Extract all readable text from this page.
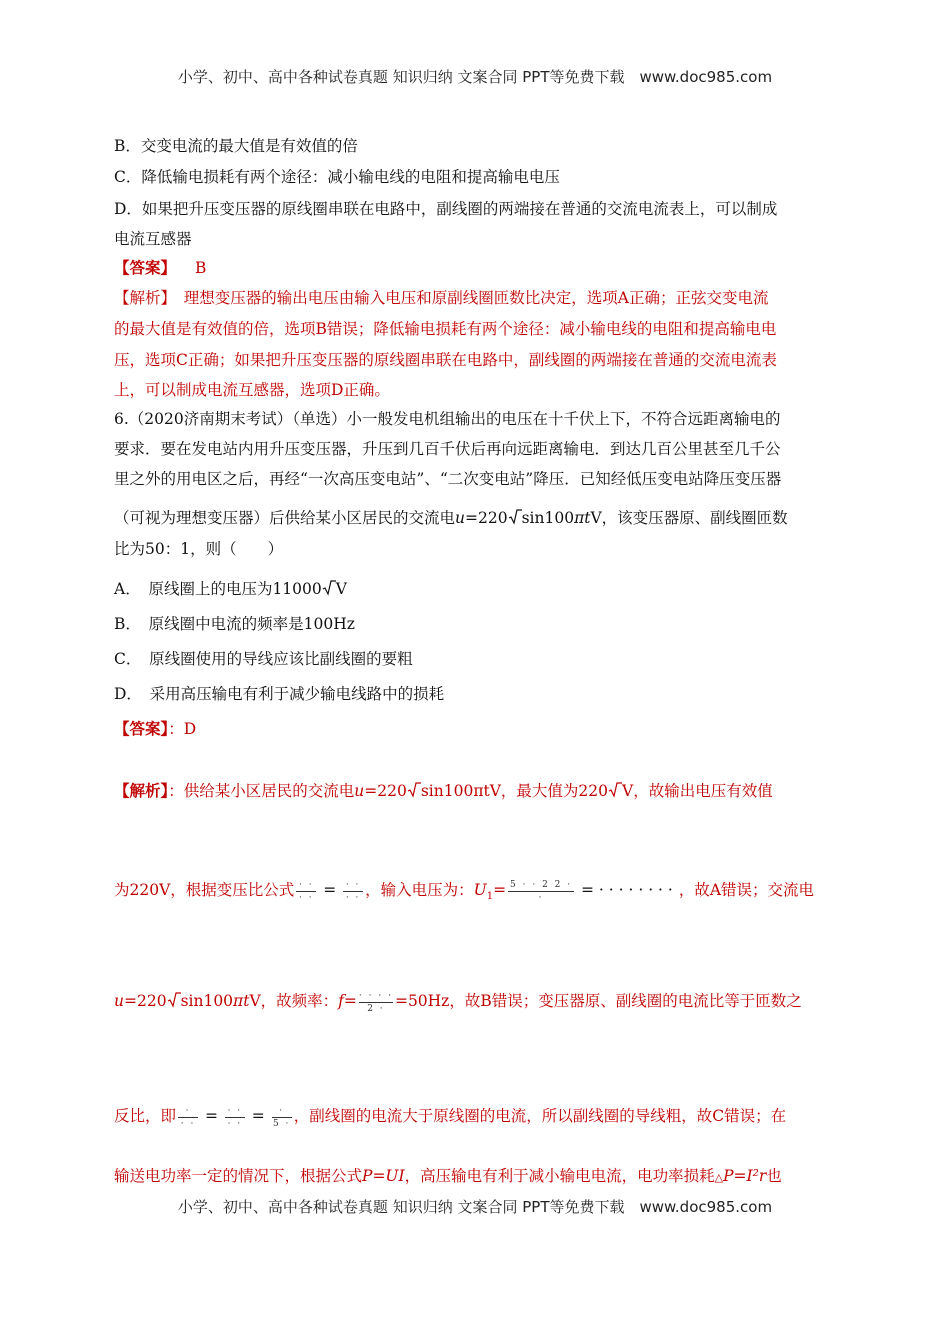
小学、初中、高中各种试卷真题 知识归纳 文案合同 PPT等免费下载　www.doc985.com
B．交变电流的最大值是有效值的倍
C．降低输电损耗有两个途径：减小输电线的电阻和提高输电电压
D．如果把升压变压器的原线圈串联在电路中，副线圈的两端接在普通的交流电流表上，可以制成
电流互感器
【答案】 B
【解析】　理想变压器的输出电压由输入电压和原副线圈匝数比决定，选项A正确；正弦交变电流
的最大值是有效值的倍，选项B错误；降低输电损耗有两个途径：减小输电线的电阻和提高输电电
压，选项C正确；如果把升压变压器的原线圈串联在电路中，副线圈的两端接在普通的交流电流表
上，可以制成电流互感器，选项D正确。
6.（2020济南期末考试）（单选）小一般发电机组输出的电压在十千伏上下，不符合远距离输电的
要求．要在发电站内用升压变压器，升压到几百千伏后再向远距离输电．到达几百公里甚至几千公
里之外的用电区之后，再经“一次高压变电站”、“二次变电站”降压．已知经低压变电站降压变压器
（可视为理想变压器）后供给某小区居民的交流电u=220 sin100πtV，该变压器原、副线圈匝数
比为50：1，则（　　）
A．　原线圈上的电压为11000 V
B．　原线圈中电流的频率是100Hz
C．　原线圈使用的导线应该比副线圈的要粗
D．　采用高压输电有利于减少输电线路中的损耗
【答案】：D
【解析】：供给某小区居民的交流电u=220 sin100πtV，最大值为220 V，故输出电压有效值
为220V，根据变压比公式 $\frac{\cdot \cdot}{\cdot \cdot} = \frac{\cdot \cdot}{\cdot \cdot}$ ，输入电压为：$U_1= \frac{5 \cdot \cdot 2 2 \cdot}{\cdot}$ = · · · · · · · · ，故A错误；交流电
u=220 sin100πtV，故频率：$f= \frac{\cdot \cdot \cdot \cdot}{2 \cdot} =50Hz$，故B错误；变压器原、副线圈的电流比等于匝数之
反比，即 $\frac{\cdot}{\cdot \cdot} = \frac{\cdot \cdot}{\cdot \cdot} = \frac{\cdot}{5 \cdot}$ ，副线圈的电流大于原线圈的电流，所以副线圈的导线粗，故C错误；在
输送电功率一定的情况下，根据公式P=UI，高压输电有利于减小输电电流，电功率损耗△P=I²r也
小学、初中、高中各种试卷真题 知识归纳 文案合同 PPT等免费下载　www.doc985.com
